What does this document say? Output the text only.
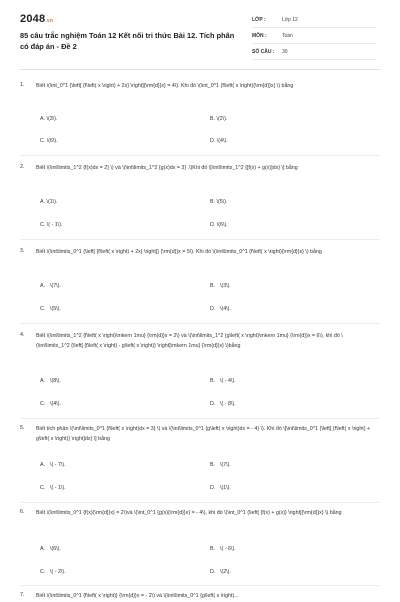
2048.vn
85 câu trắc nghiệm Toán 12 Kết nối tri thức Bài 12. Tích phân có đáp án - Đề 2
LỚP :	Lớp 12
MÔN :	Toán
SỐ CÂU :	30
1. Biết \(\int_0^1 {\left[ {f\left( x \right) + 2x} \right]{\rm{d}}x} = 4\). Khi đó \(\int_0^1 {f\left( x \right){\rm{d}}x} \) bằng
A. \(3\).	B. \(2\).
C. \(6\).	D. \(4\).
2. Biết \(\int\limits_1^2 {f(x)dx = 2} \) và \(\int\limits_1^2 {g(x)dx = 3} .\)Khi đó \[\int\limits_1^2 {[f(x) + g(x)]dx} \] bằng
A. \(1\).	B. \(5\).
C. \( - 1\).	D. \(6\).
3. Biết \(\int\limits_0^1 {\left[ {f\left( x \right) + 2x} \right]} {\rm{d}}x = 5\). Khi đó \(\int\limits_0^1 {f\left( x \right){\rm{d}}x} \) bằng
A. \(7\).	B. \(3\).
C. \(5\).	D. \(4\).
4. Biết \(\int\limits_1^2 {f\left( x \right)\mkern 1mu} {\rm{d}}x = 2\) và \(\int\limits_1^2 {g\left( x \right)\mkern 1mu} {\rm{d}}x = 6\), khi đó \(\int\limits_1^2 {\left[ {f\left( x \right) - g\left( x \right)} \right]\mkern 1mu} {\rm{d}}x} \)bằng
A. \(8\).	B. \( - 4\).
C. \(4\).	D. \( - 8\).
5. Biết tích phân \(\int\limits_0^1 {f\left( x \right)dx = 3} \) và \(\int\limits_0^1 {g\left( x \right)dx = - 4} \). Khi đó \[\int\limits_0^1 {\left[ {f\left( x \right) + g\left( x \right)} \right]dx} \] bằng
A. \( - 7\).	B. \(7\).
C. \( - 1\).	D. \(1\).
6. Biết \(\int\limits_0^1 {f(x){\rm{d}}x} = 2\)và \(\int_0^1 {g(x){\rm{d}}x} = - 4\), khi đó \(\int_0^1 {\left[ {f(x) + g(x)} \right]{\rm{d}}x} \) bằng
A. \(6\).	B. \( - 6\).
C. \( - 2\).	D. \(2\).
7. Biết \(\int\limits_0^1 {f\left( x \right)} {\rm{d}}x = - 2\) và \(\int\limits_0^1 {g\left( x \right)...
